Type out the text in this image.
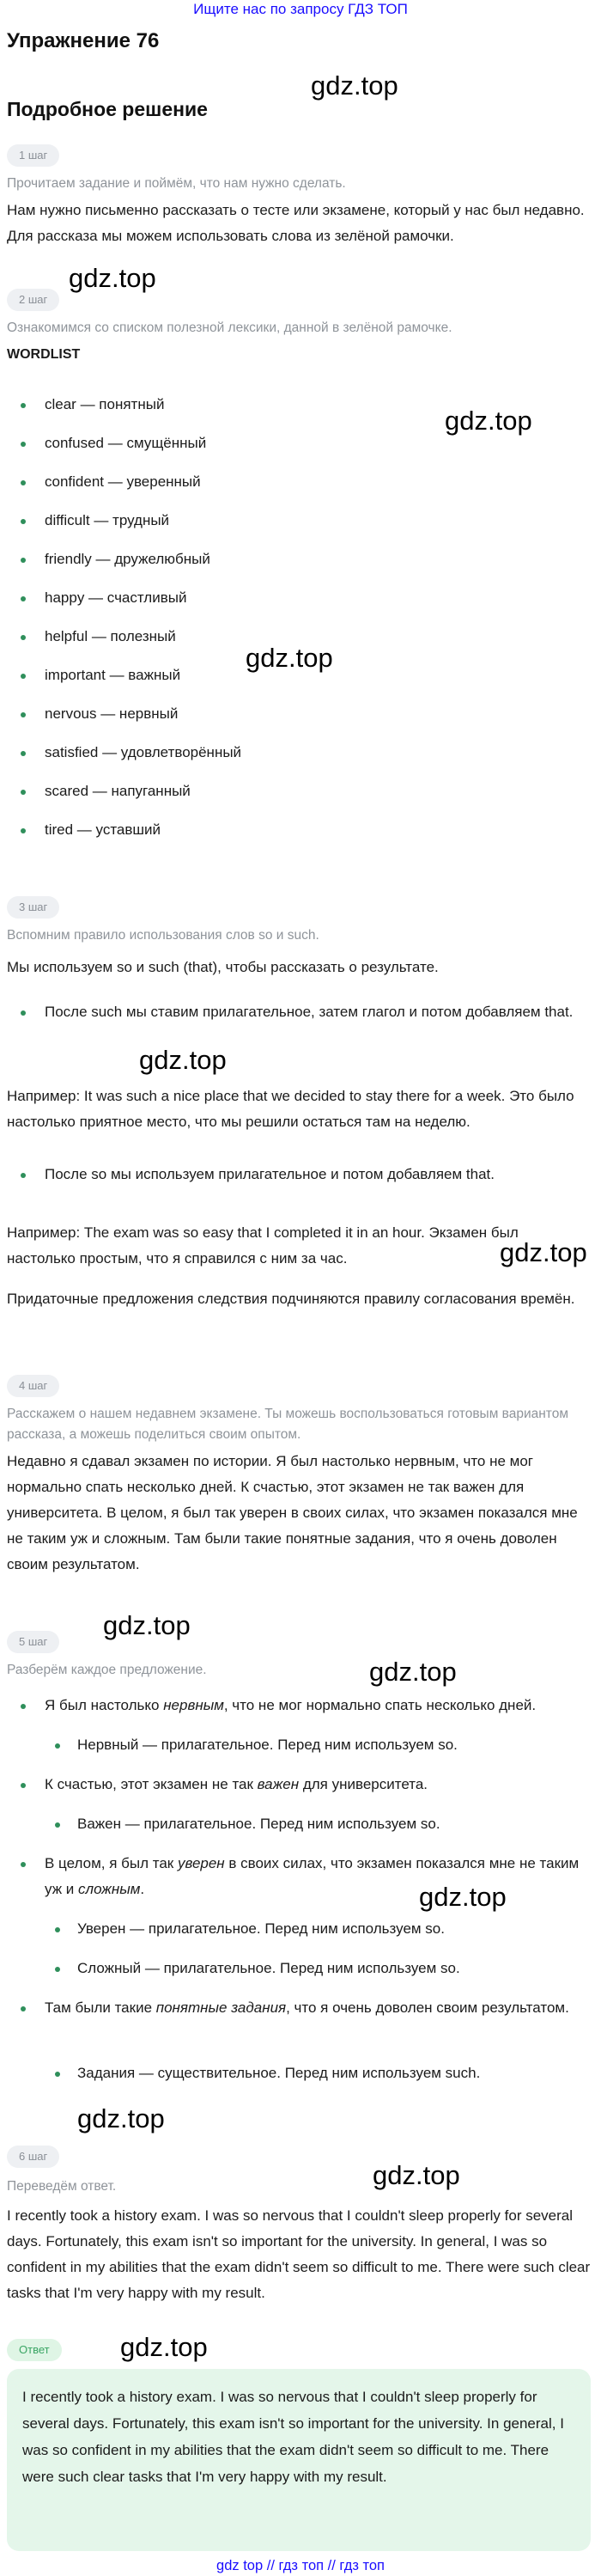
Ищите нас по запросу ГДЗ ТОП
Упражнение 76
Подробное решение
gdz.top
gdz.top
gdz.top
gdz.top
gdz.top
gdz.top
gdz.top
gdz.top
gdz.top
gdz.top
gdz.top
gdz.top
1 шаг
Прочитаем задание и поймём, что нам нужно сделать.
Нам нужно письменно рассказать о тесте или экзамене, который у нас был недавно. Для рассказа мы можем использовать слова из зелёной рамочки.
2 шаг
Ознакомимся со списком полезной лексики, данной в зелёной рамочке.
WORDLIST
clear — понятный
confused — смущённый
confident — уверенный
difficult — трудный
friendly — дружелюбный
happy — счастливый
helpful — полезный
important — важный
nervous — нервный
satisfied — удовлетворённый
scared — напуганный
tired — уставший
3 шаг
Вспомним правило использования слов so и such.
Мы используем so и such (that), чтобы рассказать о результате.
После such мы ставим прилагательное, затем глагол и потом добавляем that.
Например: It was such a nice place that we decided to stay there for a week. Это было настолько приятное место, что мы решили остаться там на неделю.
После so мы используем прилагательное и потом добавляем that.
Например: The exam was so easy that I completed it in an hour. Экзамен был настолько простым, что я справился с ним за час.
Придаточные предложения следствия подчиняются правилу согласования времён.
4 шаг
Расскажем о нашем недавнем экзамене. Ты можешь воспользоваться готовым вариантом рассказа, а можешь поделиться своим опытом.
Недавно я сдавал экзамен по истории. Я был настолько нервным, что не мог нормально спать несколько дней. К счастью, этот экзамен не так важен для университета. В целом, я был так уверен в своих силах, что экзамен показался мне не таким уж и сложным. Там были такие понятные задания, что я очень доволен своим результатом.
5 шаг
Разберём каждое предложение.
Я был настолько нервным, что не мог нормально спать несколько дней.
Нервный — прилагательное. Перед ним используем so.
К счастью, этот экзамен не так важен для университета.
Важен — прилагательное. Перед ним используем so.
В целом, я был так уверен в своих силах, что экзамен показался мне не таким уж и сложным.
Уверен — прилагательное. Перед ним используем so.
Сложный — прилагательное. Перед ним используем so.
Там были такие понятные задания, что я очень доволен своим результатом.
Задания — существительное. Перед ним используем such.
6 шаг
Переведём ответ.
I recently took a history exam. I was so nervous that I couldn't sleep properly for several days. Fortunately, this exam isn't so important for the university. In general, I was so confident in my abilities that the exam didn't seem so difficult to me. There were such clear tasks that I'm very happy with my result.
Ответ
I recently took a history exam. I was so nervous that I couldn't sleep properly for several days. Fortunately, this exam isn't so important for the university. In general, I was so confident in my abilities that the exam didn't seem so difficult to me. There were such clear tasks that I'm very happy with my result.
gdz top // гдз топ // гдз топ
